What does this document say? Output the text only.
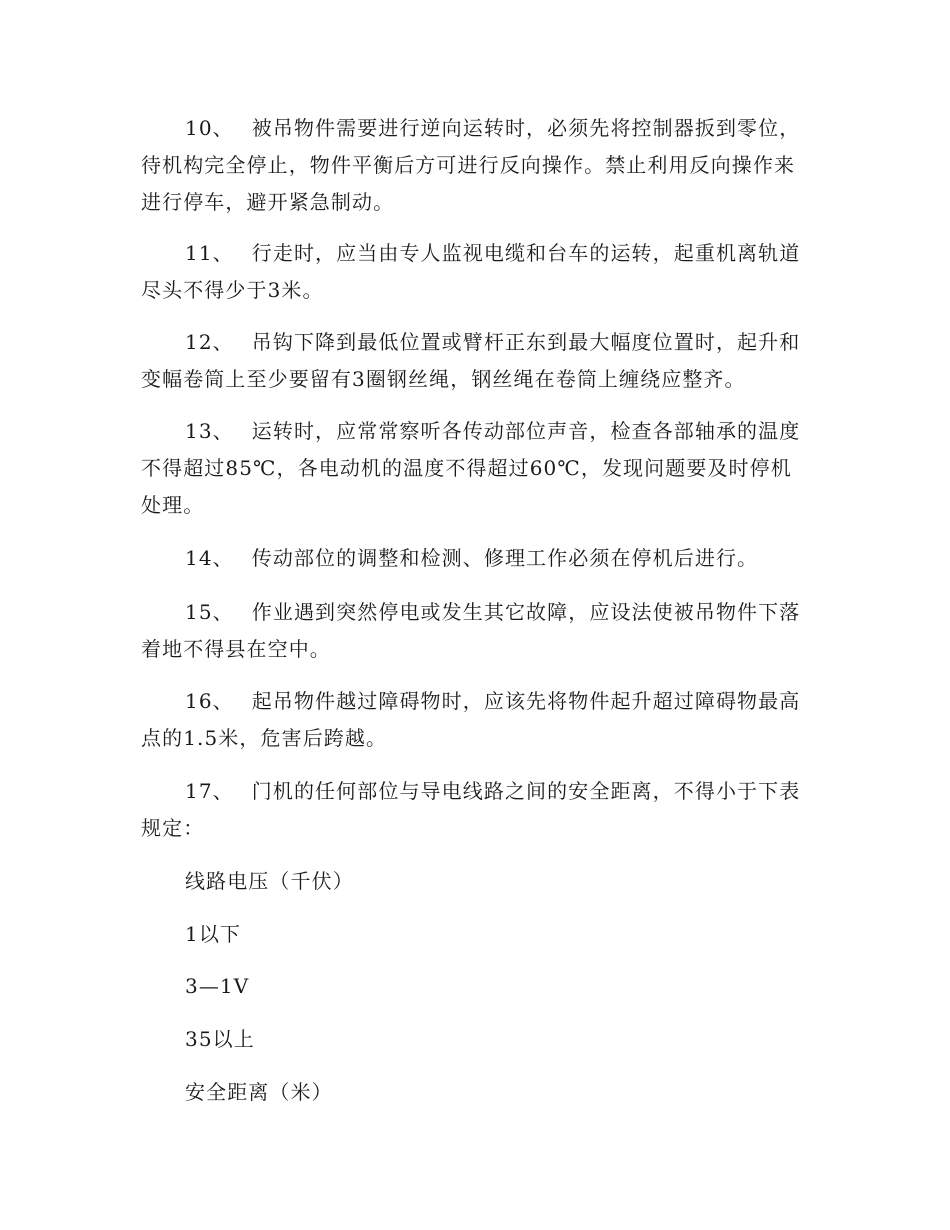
10、 被吊物件需要进行逆向运转时，必须先将控制器扳到零位，待机构完全停止，物件平衡后方可进行反向操作。禁止利用反向操作来进行停车，避开紧急制动。

11、 行走时，应当由专人监视电缆和台车的运转，起重机离轨道尽头不得少于3米。

12、 吊钩下降到最低位置或臂杆正东到最大幅度位置时，起升和变幅卷筒上至少要留有3圈钢丝绳，钢丝绳在卷筒上缠绕应整齐。

13、 运转时，应常常察听各传动部位声音，检查各部轴承的温度不得超过85℃，各电动机的温度不得超过60℃，发现问题要及时停机处理。

14、 传动部位的调整和检测、修理工作必须在停机后进行。

15、 作业遇到突然停电或发生其它故障，应设法使被吊物件下落着地不得县在空中。

16、 起吊物件越过障碍物时，应该先将物件起升超过障碍物最高点的1.5米，危害后跨越。

17、 门机的任何部位与导电线路之间的安全距离，不得小于下表规定：

线路电压（千伏）

1以下

3—1V

35以上

安全距离（米）
